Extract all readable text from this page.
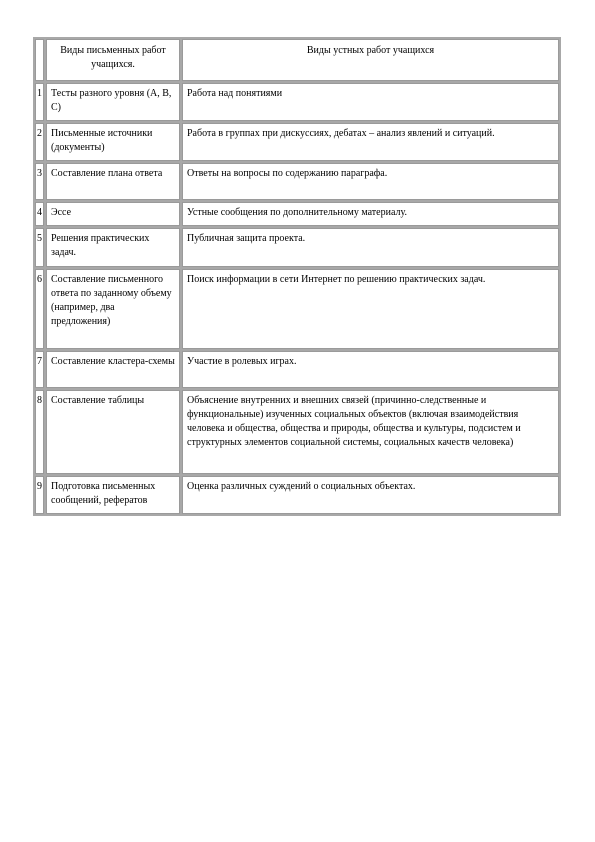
	Виды письменных работ учащихся.	Виды устных работ учащихся
1	Тесты разного уровня (А, В, С)	Работа над понятиями
2	Письменные источники (документы)	Работа в группах при дискуссиях, дебатах – анализ явлений и ситуаций.
3	Составление плана ответа	Ответы на вопросы по содержанию параграфа.
4	Эссе	Устные сообщения по дополнительному материалу.
5	Решения практических задач.	Публичная защита проекта.
6	Составление письменного ответа по заданному объему (например, два предложения)	Поиск информации в сети Интернет по решению практических задач.
7	Составление кластера-схемы	Участие в ролевых играх.
8	Составление таблицы	Объяснение внутренних и внешних связей (причинно-следственные и функциональные) изученных социальных объектов (включая взаимодействия человека и общества, общества и природы, общества и культуры, подсистем и структурных элементов социальной системы, социальных качеств человека)
9	Подготовка письменных сообщений, рефератов	Оценка различных суждений о социальных объектах.
